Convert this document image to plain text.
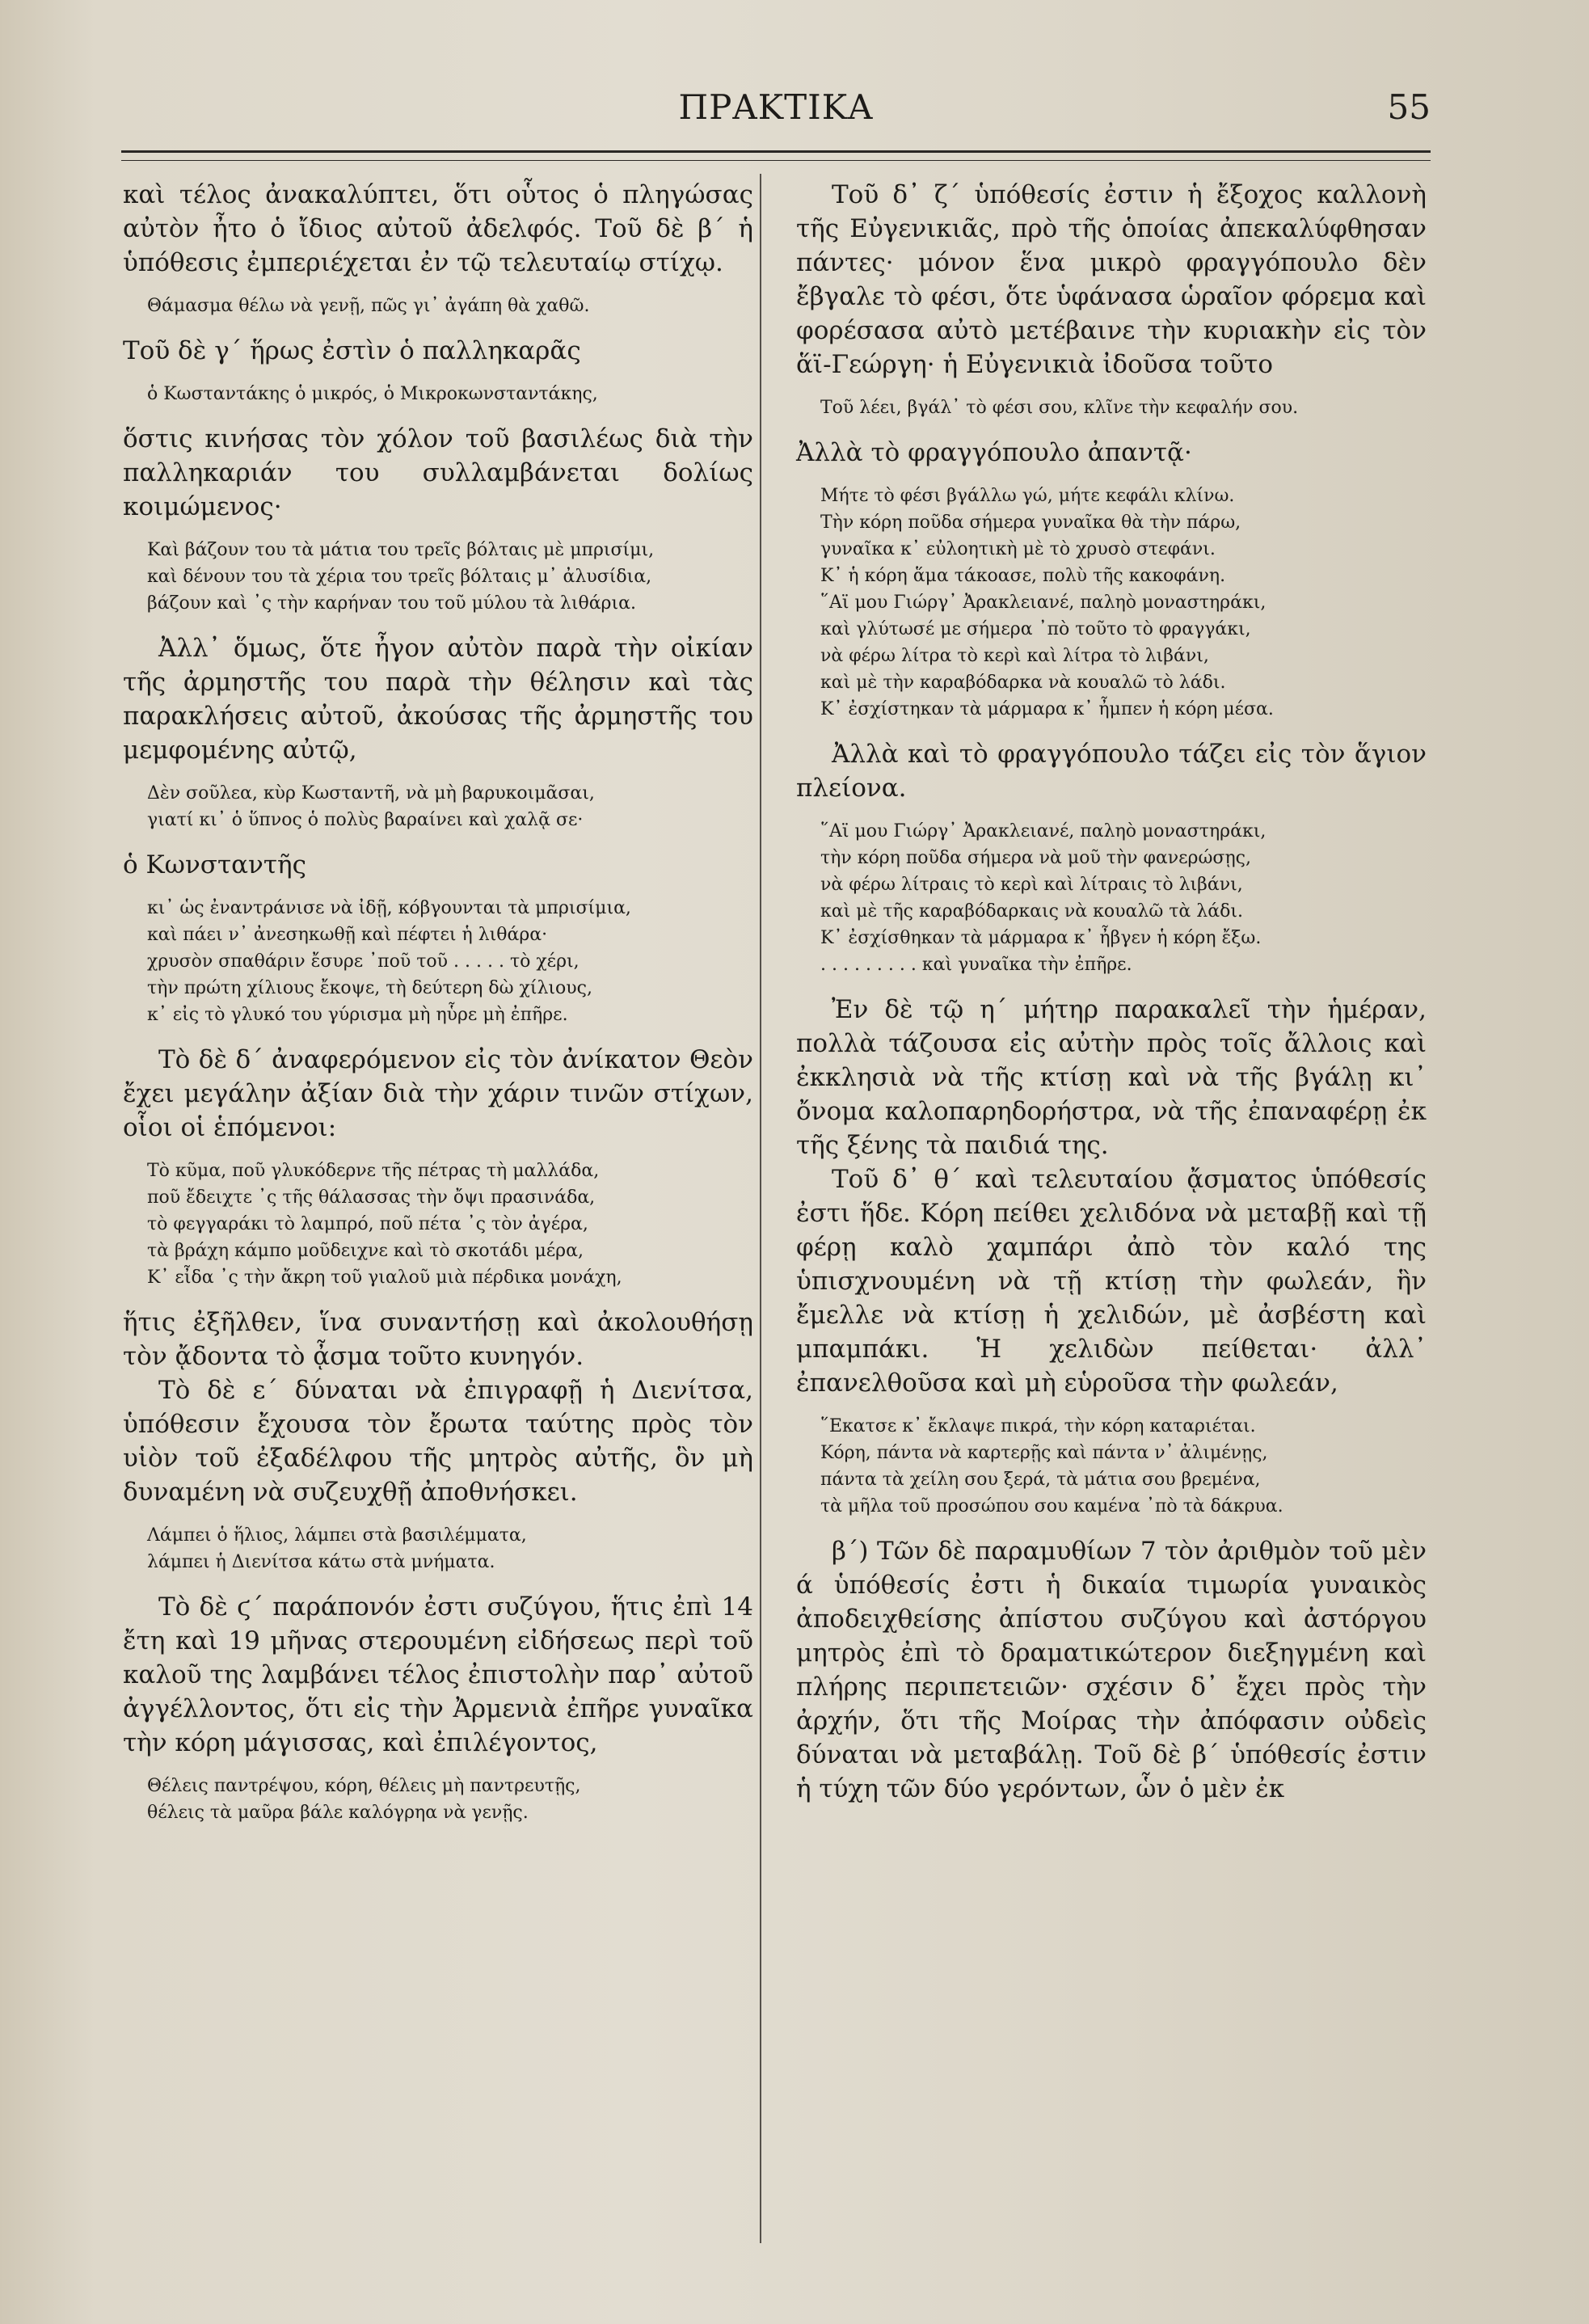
ΠΡΑΚΤΙΚΑ	55

καὶ τέλος ἀνακαλύπτει, ὅτι οὗτος ὁ πληγώσας αὐτὸν ἦτο ὁ ἴδιος αὐτοῦ ἀδελφός. Τοῦ δὲ β΄ ἡ ὑπόθεσις ἐμπεριέχεται ἐν τῷ τελευταίῳ στίχῳ.

Θάμασμα θέλω νὰ γενῇ, πῶς γι᾽ ἀγάπη θὰ χαθῶ.

Τοῦ δὲ γ΄ ἥρως ἐστὶν ὁ παλληκαρᾶς

ὁ Κωσταντάκης ὁ μικρός, ὁ Μικροκωνσταντάκης,

ὅστις κινήσας τὸν χόλον τοῦ βασιλέως διὰ τὴν παλληκαριάν του συλλαμβάνεται δολίως κοιμώμενος·

Καὶ βάζουν του τὰ μάτια του τρεῖς βόλταις μὲ μπρισίμι,
καὶ δένουν του τὰ χέρια του τρεῖς βόλταις μ᾽ ἀλυσίδια,
βάζουν καὶ ᾽ς τὴν καρήναν του τοῦ μύλου τὰ λιθάρια.

Ἀλλ᾽ ὅμως, ὅτε ἦγον αὐτὸν παρὰ τὴν οἰκίαν τῆς ἀρμηστῆς του παρὰ τὴν θέλησιν καὶ τὰς παρακλήσεις αὐτοῦ, ἀκούσας τῆς ἀρμηστῆς του μεμφομένης αὐτῷ,

Δὲν σοῦλεα, κὺρ Κωσταντῆ, νὰ μὴ βαρυκοιμᾶσαι,
γιατί κι᾽ ὁ ὕπνος ὁ πολὺς βαραίνει καὶ χαλᾷ σε·

ὁ Κωνσταντῆς

κι᾽ ὡς ἐναντράνισε νὰ ἰδῇ, κόβγουνται τὰ μπρισίμια,
καὶ πάει ν᾽ ἀνεσηκωθῇ καὶ πέφτει ἡ λιθάρα·
χρυσὸν σπαθάριν ἔσυρε ᾽ποῦ τοῦ . . . . . τὸ χέρι,
τὴν πρώτη χίλιους ἔκοψε, τὴ δεύτερη δὼ χίλιους,
κ᾽ εἰς τὸ γλυκό του γύρισμα μὴ ηὗρε μὴ ἐπῆρε.

Τὸ δὲ δ΄ ἀναφερόμενον εἰς τὸν ἀνίκατον Θεὸν ἔχει μεγάλην ἀξίαν διὰ τὴν χάριν τινῶν στίχων, οἷοι οἱ ἑπόμενοι:

Τὸ κῦμα, ποῦ γλυκόδερνε τῆς πέτρας τὴ μαλλάδα,
ποῦ ἔδειχτε ᾽ς τῆς θάλασσας τὴν ὄψι πρασινάδα,
τὸ φεγγαράκι τὸ λαμπρό, ποῦ πέτα ᾽ς τὸν ἀγέρα,
τὰ βράχη κάμπο μοῦδειχνε καὶ τὸ σκοτάδι μέρα,
Κ᾽ εἶδα ᾽ς τὴν ἄκρη τοῦ γιαλοῦ μιὰ πέρδικα μονάχη,

ἥτις ἐξῆλθεν, ἵνα συναντήσῃ καὶ ἀκολουθήσῃ τὸν ᾄδοντα τὸ ᾆσμα τοῦτο κυνηγόν.

Τὸ δὲ ε΄ δύναται νὰ ἐπιγραφῇ ἡ Διενίτσα, ὑπόθεσιν ἔχουσα τὸν ἔρωτα ταύτης πρὸς τὸν υἱὸν τοῦ ἐξαδέλφου τῆς μητρὸς αὐτῆς, ὃν μὴ δυναμένη νὰ συζευχθῇ ἀποθνήσκει.

Λάμπει ὁ ἥλιος, λάμπει στὰ βασιλέμματα,
λάμπει ἡ Διενίτσα κάτω στὰ μνήματα.

Τὸ δὲ ϛ΄ παράπονόν ἐστι συζύγου, ἥτις ἐπὶ 14 ἔτη καὶ 19 μῆνας στερουμένη εἰδήσεως περὶ τοῦ καλοῦ της λαμβάνει τέλος ἐπιστολὴν παρ᾽ αὐτοῦ ἀγγέλλοντος, ὅτι εἰς τὴν Ἀρμενιὰ ἐπῆρε γυναῖκα τὴν κόρη μάγισσας, καὶ ἐπιλέγοντος,

Θέλεις παντρέψου, κόρη, θέλεις μὴ παντρευτῇς,
θέλεις τὰ μαῦρα βάλε καλόγρηα νὰ γενῇς.

Τοῦ δ᾽ ζ΄ ὑπόθεσίς ἐστιν ἡ ἔξοχος καλλονὴ τῆς Εὐγενικιᾶς, πρὸ τῆς ὁποίας ἀπεκαλύφθησαν πάντες· μόνον ἕνα μικρὸ φραγγόπουλο δὲν ἔβγαλε τὸ φέσι, ὅτε ὑφάνασα ὡραῖον φόρεμα καὶ φορέσασα αὐτὸ μετέβαινε τὴν κυριακὴν εἰς τὸν ἅϊ-Γεώργη· ἡ Εὐγενικιὰ ἰδοῦσα τοῦτο

Τοῦ λέει, βγάλ᾽ τὸ φέσι σου, κλῖνε τὴν κεφαλήν σου.

Ἀλλὰ τὸ φραγγόπουλο ἀπαντᾷ·

Μήτε τὸ φέσι βγάλλω γώ, μήτε κεφάλι κλίνω.
Τὴν κόρη ποῦδα σήμερα γυναῖκα θὰ τὴν πάρω,
γυναῖκα κ᾽ εὐλοητικὴ μὲ τὸ χρυσὸ στεφάνι.
Κ᾽ ἡ κόρη ἅμα τάκοασε, πολὺ τῆς κακοφάνη.
῞Αϊ μου Γιώργ᾽ Ἀρακλειανέ, παληὸ μοναστηράκι,
καὶ γλύτωσέ με σήμερα ᾽πὸ τοῦτο τὸ φραγγάκι,
νὰ φέρω λίτρα τὸ κερὶ καὶ λίτρα τὸ λιβάνι,
καὶ μὲ τὴν καραβόδαρκα νὰ κουαλῶ τὸ λάδι.
Κ᾽ ἐσχίστηκαν τὰ μάρμαρα κ᾽ ἦμπεν ἡ κόρη μέσα.

Ἀλλὰ καὶ τὸ φραγγόπουλο τάζει εἰς τὸν ἅγιον πλείονα.

῞Αϊ μου Γιώργ᾽ Ἀρακλειανέ, παληὸ μοναστηράκι,
τὴν κόρη ποῦδα σήμερα νὰ μοῦ τὴν φανερώσῃς,
νὰ φέρω λίτραις τὸ κερὶ καὶ λίτραις τὸ λιβάνι,
καὶ μὲ τῆς καραβόδαρκαις νὰ κουαλῶ τὰ λάδι.
Κ᾽ ἐσχίσθηκαν τὰ μάρμαρα κ᾽ ἦβγεν ἡ κόρη ἔξω.
. . . . . . . . . καὶ γυναῖκα τὴν ἐπῆρε.

Ἐν δὲ τῷ η΄ μήτηρ παρακαλεῖ τὴν ἡμέραν, πολλὰ τάζουσα εἰς αὐτὴν πρὸς τοῖς ἄλλοις καὶ ἐκκλησιὰ νὰ τῆς κτίσῃ καὶ νὰ τῆς βγάλῃ κι᾽ ὄνομα καλοπαρηδορήστρα, νὰ τῆς ἐπαναφέρῃ ἐκ τῆς ξένης τὰ παιδιά της.

Τοῦ δ᾽ θ΄ καὶ τελευταίου ᾄσματος ὑπόθεσίς ἐστι ἥδε. Κόρη πείθει χελιδόνα νὰ μεταβῇ καὶ τῇ φέρῃ καλὸ χαμπάρι ἀπὸ τὸν καλό της ὑπισχνουμένη νὰ τῇ κτίσῃ τὴν φωλεάν, ἣν ἔμελλε νὰ κτίσῃ ἡ χελιδών, μὲ ἀσβέστη καὶ μπαμπάκι. Ἡ χελιδὼν πείθεται· ἀλλ᾽ ἐπανελθοῦσα καὶ μὴ εὑροῦσα τὴν φωλεάν,

῞Εκατσε κ᾽ ἔκλαψε πικρά, τὴν κόρη καταριέται.
Κόρη, πάντα νὰ καρτερῇς καὶ πάντα ν᾽ ἀλιμένῃς,
πάντα τὰ χείλη σου ξερά, τὰ μάτια σου βρεμένα,
τὰ μῆλα τοῦ προσώπου σου καμένα ᾽πὸ τὰ δάκρυα.

β΄) Τῶν δὲ παραμυθίων 7 τὸν ἀριθμὸν τοῦ μὲν ά ὑπόθεσίς ἐστι ἡ δικαία τιμωρία γυναικὸς ἀποδειχθείσης ἀπίστου συζύγου καὶ ἀστόργου μητρὸς ἐπὶ τὸ δραματικώτερον διεξηγμένη καὶ πλήρης περιπετειῶν· σχέσιν δ᾽ ἔχει πρὸς τὴν ἀρχήν, ὅτι τῆς Μοίρας τὴν ἀπόφασιν οὐδεὶς δύναται νὰ μεταβάλῃ. Τοῦ δὲ β΄ ὑπόθεσίς ἐστιν ἡ τύχη τῶν δύο γερόντων, ὧν ὁ μὲν ἐκ
